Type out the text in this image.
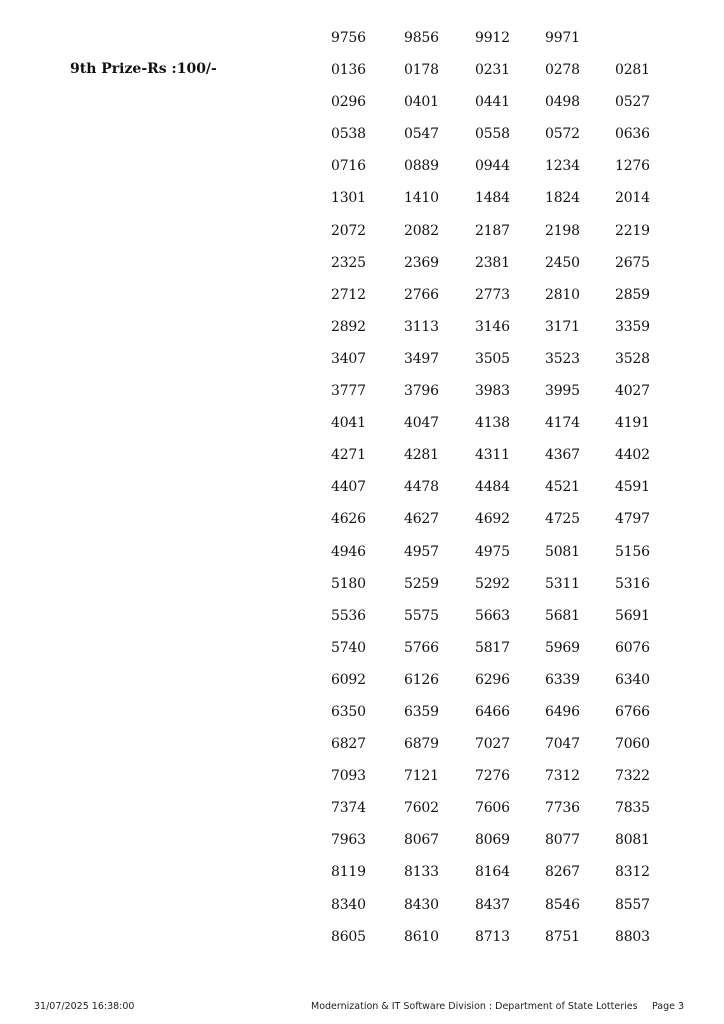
9th Prize-Rs :100/-
9756	9856	9912	9971
0136	0178	0231	0278	0281
0296	0401	0441	0498	0527
0538	0547	0558	0572	0636
0716	0889	0944	1234	1276
1301	1410	1484	1824	2014
2072	2082	2187	2198	2219
2325	2369	2381	2450	2675
2712	2766	2773	2810	2859
2892	3113	3146	3171	3359
3407	3497	3505	3523	3528
3777	3796	3983	3995	4027
4041	4047	4138	4174	4191
4271	4281	4311	4367	4402
4407	4478	4484	4521	4591
4626	4627	4692	4725	4797
4946	4957	4975	5081	5156
5180	5259	5292	5311	5316
5536	5575	5663	5681	5691
5740	5766	5817	5969	6076
6092	6126	6296	6339	6340
6350	6359	6466	6496	6766
6827	6879	7027	7047	7060
7093	7121	7276	7312	7322
7374	7602	7606	7736	7835
7963	8067	8069	8077	8081
8119	8133	8164	8267	8312
8340	8430	8437	8546	8557
8605	8610	8713	8751	8803
31/07/2025 16:38:00	Modernization & IT Software Division : Department of State Lotteries Page 3
